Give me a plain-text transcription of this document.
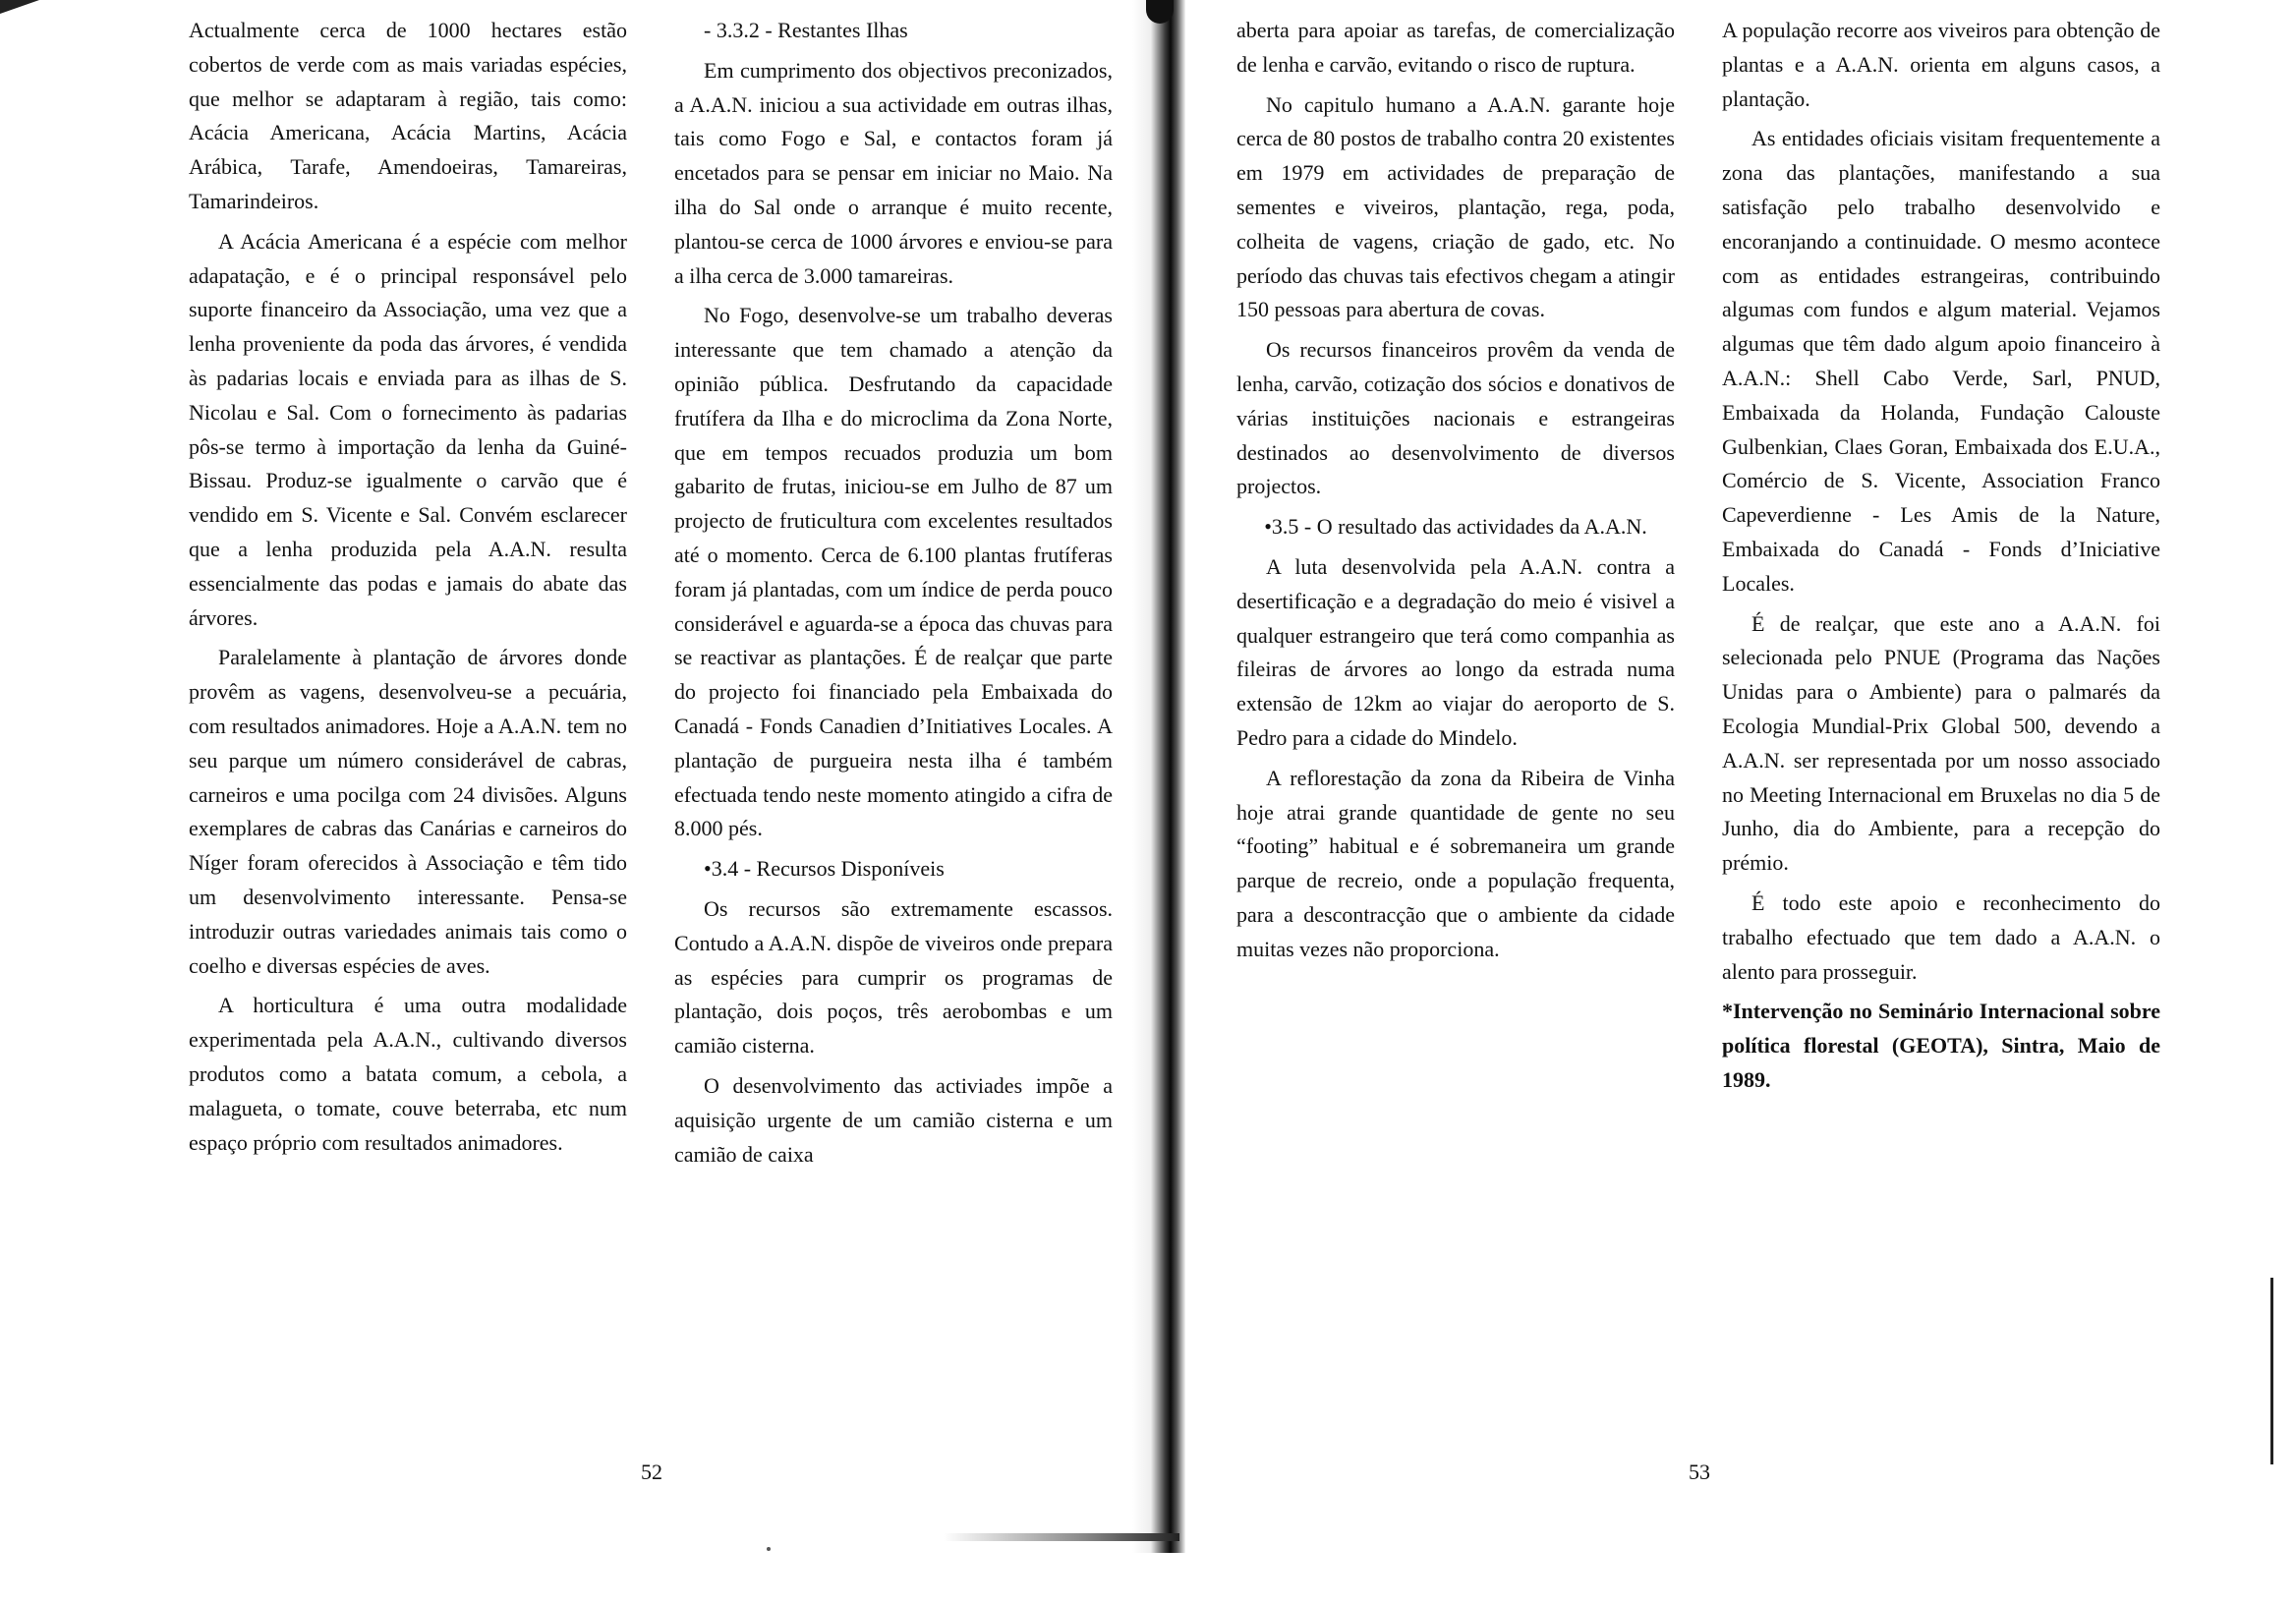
Actualmente cerca de 1000 hectares estão cobertos de verde com as mais variadas espécies, que melhor se adaptaram à região, tais como: Acácia Americana, Acácia Martins, Acácia Arábica, Tarafe, Amendoeiras, Tamareiras, Tamarindeiros.

A Acácia Americana é a espécie com melhor adapatação, e é o principal responsável pelo suporte financeiro da Associação, uma vez que a lenha proveniente da poda das árvores, é vendida às padarias locais e enviada para as ilhas de S. Nicolau e Sal. Com o fornecimento às padarias pôs-se termo à importação da lenha da Guiné-Bissau. Produz-se igualmente o carvão que é vendido em S. Vicente e Sal. Convém esclarecer que a lenha produzida pela A.A.N. resulta essencialmente das podas e jamais do abate das árvores.

Paralelamente à plantação de árvores donde provêm as vagens, desenvolveu-se a pecuária, com resultados animadores. Hoje a A.A.N. tem no seu parque um número considerável de cabras, carneiros e uma pocilga com 24 divisões. Alguns exemplares de cabras das Canárias e carneiros do Níger foram oferecidos à Associação e têm tido um desenvolvimento interessante. Pensa-se introduzir outras variedades animais tais como o coelho e diversas espécies de aves.

A horticultura é uma outra modalidade experimentada pela A.A.N., cultivando diversos produtos como a batata comum, a cebola, a malagueta, o tomate, couve beterraba, etc num espaço próprio com resultados animadores.

- 3.3.2 - Restantes Ilhas

Em cumprimento dos objectivos preconizados, a A.A.N. iniciou a sua actividade em outras ilhas, tais como Fogo e Sal, e contactos foram já encetados para se pensar em iniciar no Maio. Na ilha do Sal onde o arranque é muito recente, plantou-se cerca de 1000 árvores e enviou-se para a ilha cerca de 3.000 tamareiras.

No Fogo, desenvolve-se um trabalho deveras interessante que tem chamado a atenção da opinião pública. Desfrutando da capacidade frutífera da Ilha e do microclima da Zona Norte, que em tempos recuados produzia um bom gabarito de frutas, iniciou-se em Julho de 87 um projecto de fruticultura com excelentes resultados até o momento. Cerca de 6.100 plantas frutíferas foram já plantadas, com um índice de perda pouco considerável e aguarda-se a época das chuvas para se reactivar as plantações. É de realçar que parte do projecto foi financiado pela Embaixada do Canadá - Fonds Canadien d’Initiatives Locales. A plantação de purgueira nesta ilha é também efectuada tendo neste momento atingido a cifra de 8.000 pés.

•3.4 - Recursos Disponíveis

Os recursos são extremamente escassos. Contudo a A.A.N. dispõe de viveiros onde prepara as espécies para cumprir os programas de plantação, dois poços, três aerobombas e um camião cisterna.

O desenvolvimento das activiades impõe a aquisição urgente de um camião cisterna e um camião de caixa

aberta para apoiar as tarefas, de comercialização de lenha e carvão, evitando o risco de ruptura.

No capitulo humano a A.A.N. garante hoje cerca de 80 postos de trabalho contra 20 existentes em 1979 em actividades de preparação de sementes e viveiros, plantação, rega, poda, colheita de vagens, criação de gado, etc. No período das chuvas tais efectivos chegam a atingir 150 pessoas para abertura de covas.

Os recursos financeiros provêm da venda de lenha, carvão, cotização dos sócios e donativos de várias instituições nacionais e estrangeiras destinados ao desenvolvimento de diversos projectos.

•3.5 - O resultado das actividades da A.A.N.

A luta desenvolvida pela A.A.N. contra a desertificação e a degradação do meio é visivel a qualquer estrangeiro que terá como companhia as fileiras de árvores ao longo da estrada numa extensão de 12km ao viajar do aeroporto de S. Pedro para a cidade do Mindelo.

A reflorestação da zona da Ribeira de Vinha hoje atrai grande quantidade de gente no seu “footing” habitual e é sobremaneira um grande parque de recreio, onde a população frequenta, para a descontracção que o ambiente da cidade muitas vezes não proporciona.

A população recorre aos viveiros para obtenção de plantas e a A.A.N. orienta em alguns casos, a plantação.

As entidades oficiais visitam frequentemente a zona das plantações, manifestando a sua satisfação pelo trabalho desenvolvido e encoranjando a continuidade. O mesmo acontece com as entidades estrangeiras, contribuindo algumas com fundos e algum material. Vejamos algumas que têm dado algum apoio financeiro à A.A.N.: Shell Cabo Verde, Sarl, PNUD, Embaixada da Holanda, Fundação Calouste Gulbenkian, Claes Goran, Embaixada dos E.U.A., Comércio de S. Vicente, Association Franco Capeverdienne - Les Amis de la Nature, Embaixada do Canadá - Fonds d’Iniciative Locales.

É de realçar, que este ano a A.A.N. foi selecionada pelo PNUE (Programa das Nações Unidas para o Ambiente) para o palmarés da Ecologia Mundial-Prix Global 500, devendo a A.A.N. ser representada por um nosso associado no Meeting Internacional em Bruxelas no dia 5 de Junho, dia do Ambiente, para a recepção do prémio.

É todo este apoio e reconhecimento do trabalho efectuado que tem dado a A.A.N. o alento para prosseguir.

*Intervenção no Seminário Internacional sobre política florestal (GEOTA), Sintra, Maio de 1989.

52	53
